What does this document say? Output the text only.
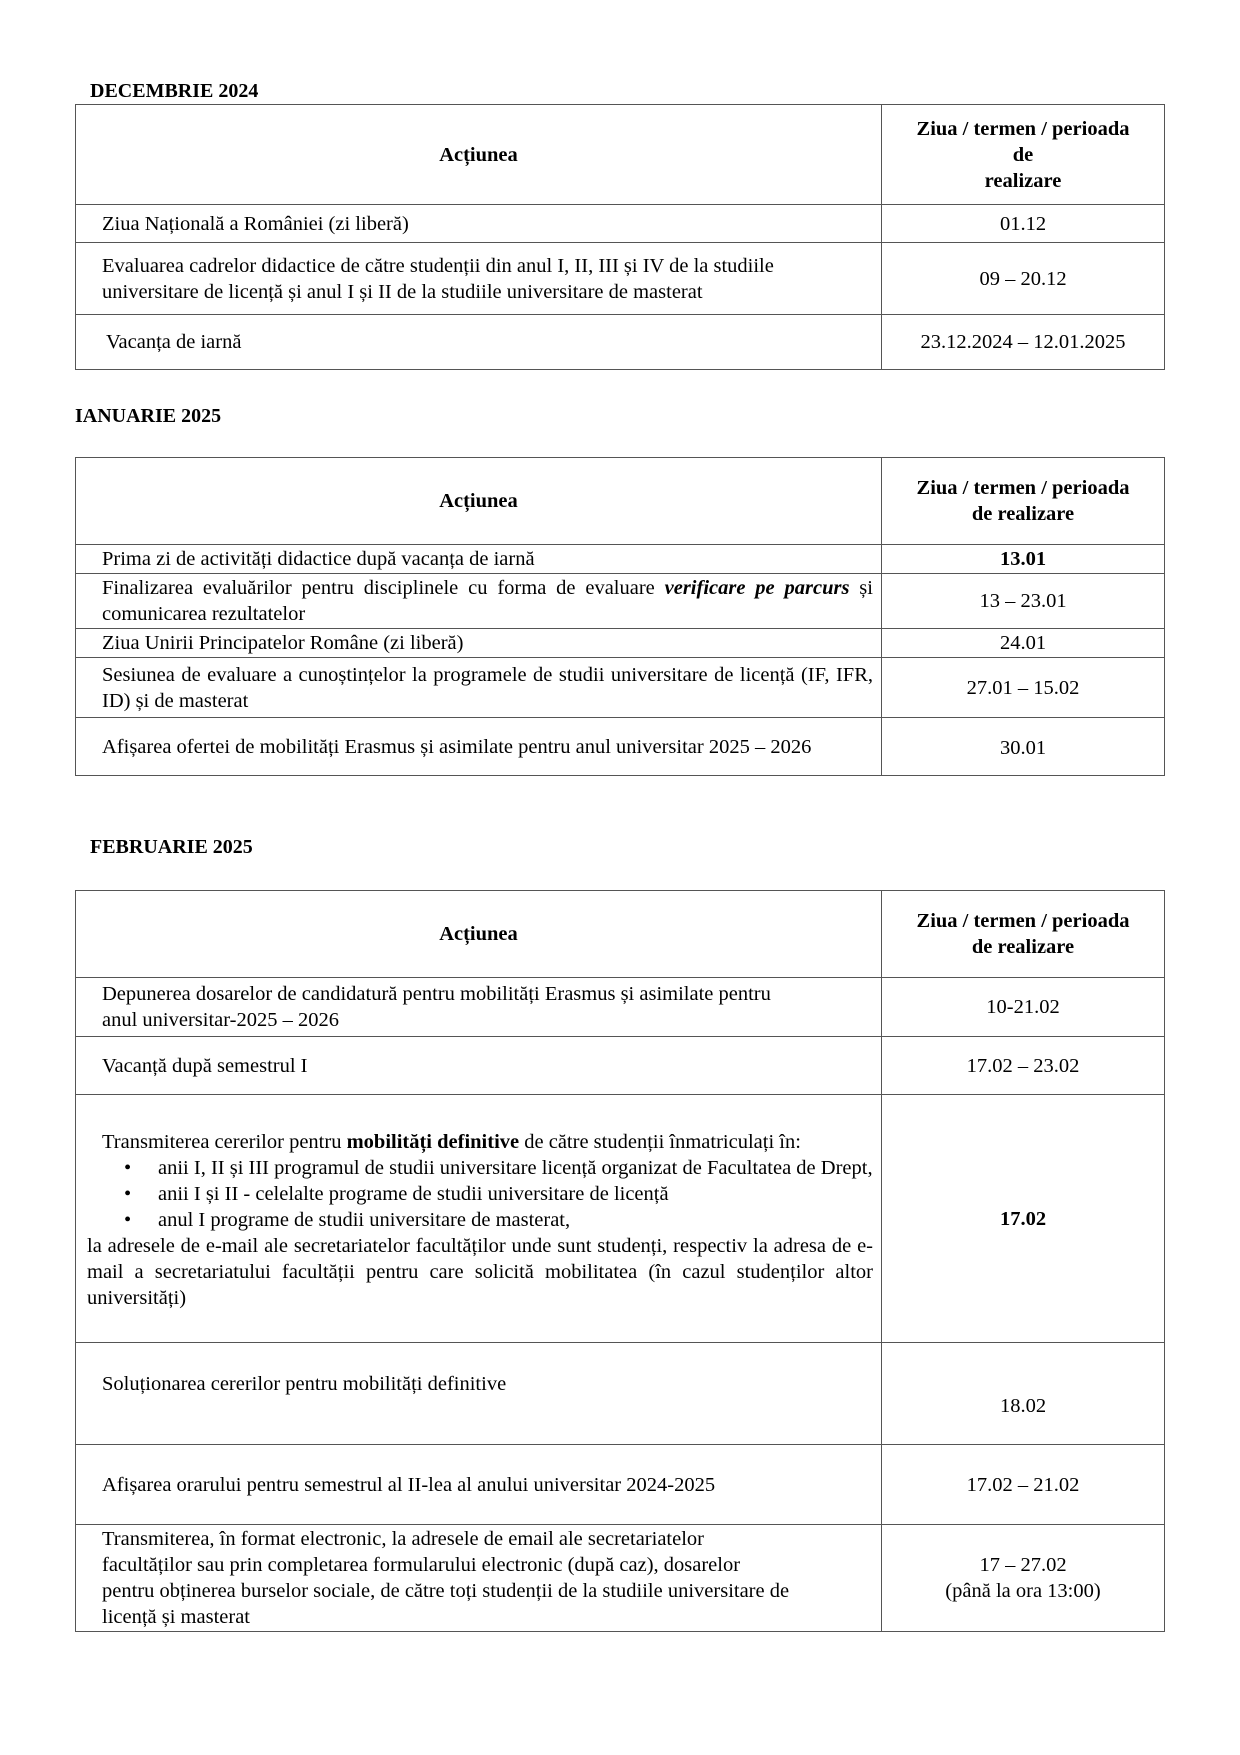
DECEMBRIE 2024
Acțiunea	Ziua / termen / perioada
de
realizare

Ziua Națională a României (zi liberă)	01.12

Evaluarea cadrelor didactice de către studenții din anul I, II, III și IV de la studiile
universitare de licență și anul I și II de la studiile universitare de masterat	09 – 20.12
Vacanța de iarnă	23.12.2024 – 12.01.2025
IANUARIE 2025
Acțiunea	Ziua / termen / perioada
de realizare

Prima zi de activități didactice după vacanța de iarnă	13.01
Finalizarea evaluărilor pentru disciplinele cu forma de evaluare verificare pe parcurs și comunicarea rezultatelor	13 – 23.01
Ziua Unirii Principatelor Române (zi liberă)	24.01
Sesiunea de evaluare a cunoștințelor la programele de studii universitare de licență (IF, IFR, ID) și de masterat	27.01 – 15.02
Afișarea ofertei de mobilități Erasmus și asimilate pentru anul universitar 2025 – 2026	30.01
FEBRUARIE 2025
Acțiunea	Ziua / termen / perioada
de realizare

Depunerea dosarelor de candidatură pentru mobilități Erasmus și asimilate pentru
anul universitar-2025 – 2026	10-21.02
Vacanță după semestrul I	17.02 – 23.02

Transmiterea cererilor pentru mobilități definitive de către studenții înmatriculați în:
• anii I, II și III programul de studii universitare licență organizat de Facultatea de Drept,
• anii I și II - celelalte programe de studii universitare de licență
• anul I programe de studii universitare de masterat,
la adresele de e-mail ale secretariatelor facultăților unde sunt studenți, respectiv la adresa de e-mail a secretariatului facultății pentru care solicită mobilitatea (în cazul studenților altor universități)
	17.02
Soluționarea cererilor pentru mobilități definitive	18.02
Afișarea orarului pentru semestrul al II-lea al anului universitar 2024-2025	17.02 – 21.02

Transmiterea, în format electronic, la adresele de email ale secretariatelor
facultăților sau prin completarea formularului electronic (după caz), dosarelor
pentru obținerea burselor sociale, de către toți studenții de la studiile universitare de
licență și masterat

17 – 27.02
(până la ora 13:00)
